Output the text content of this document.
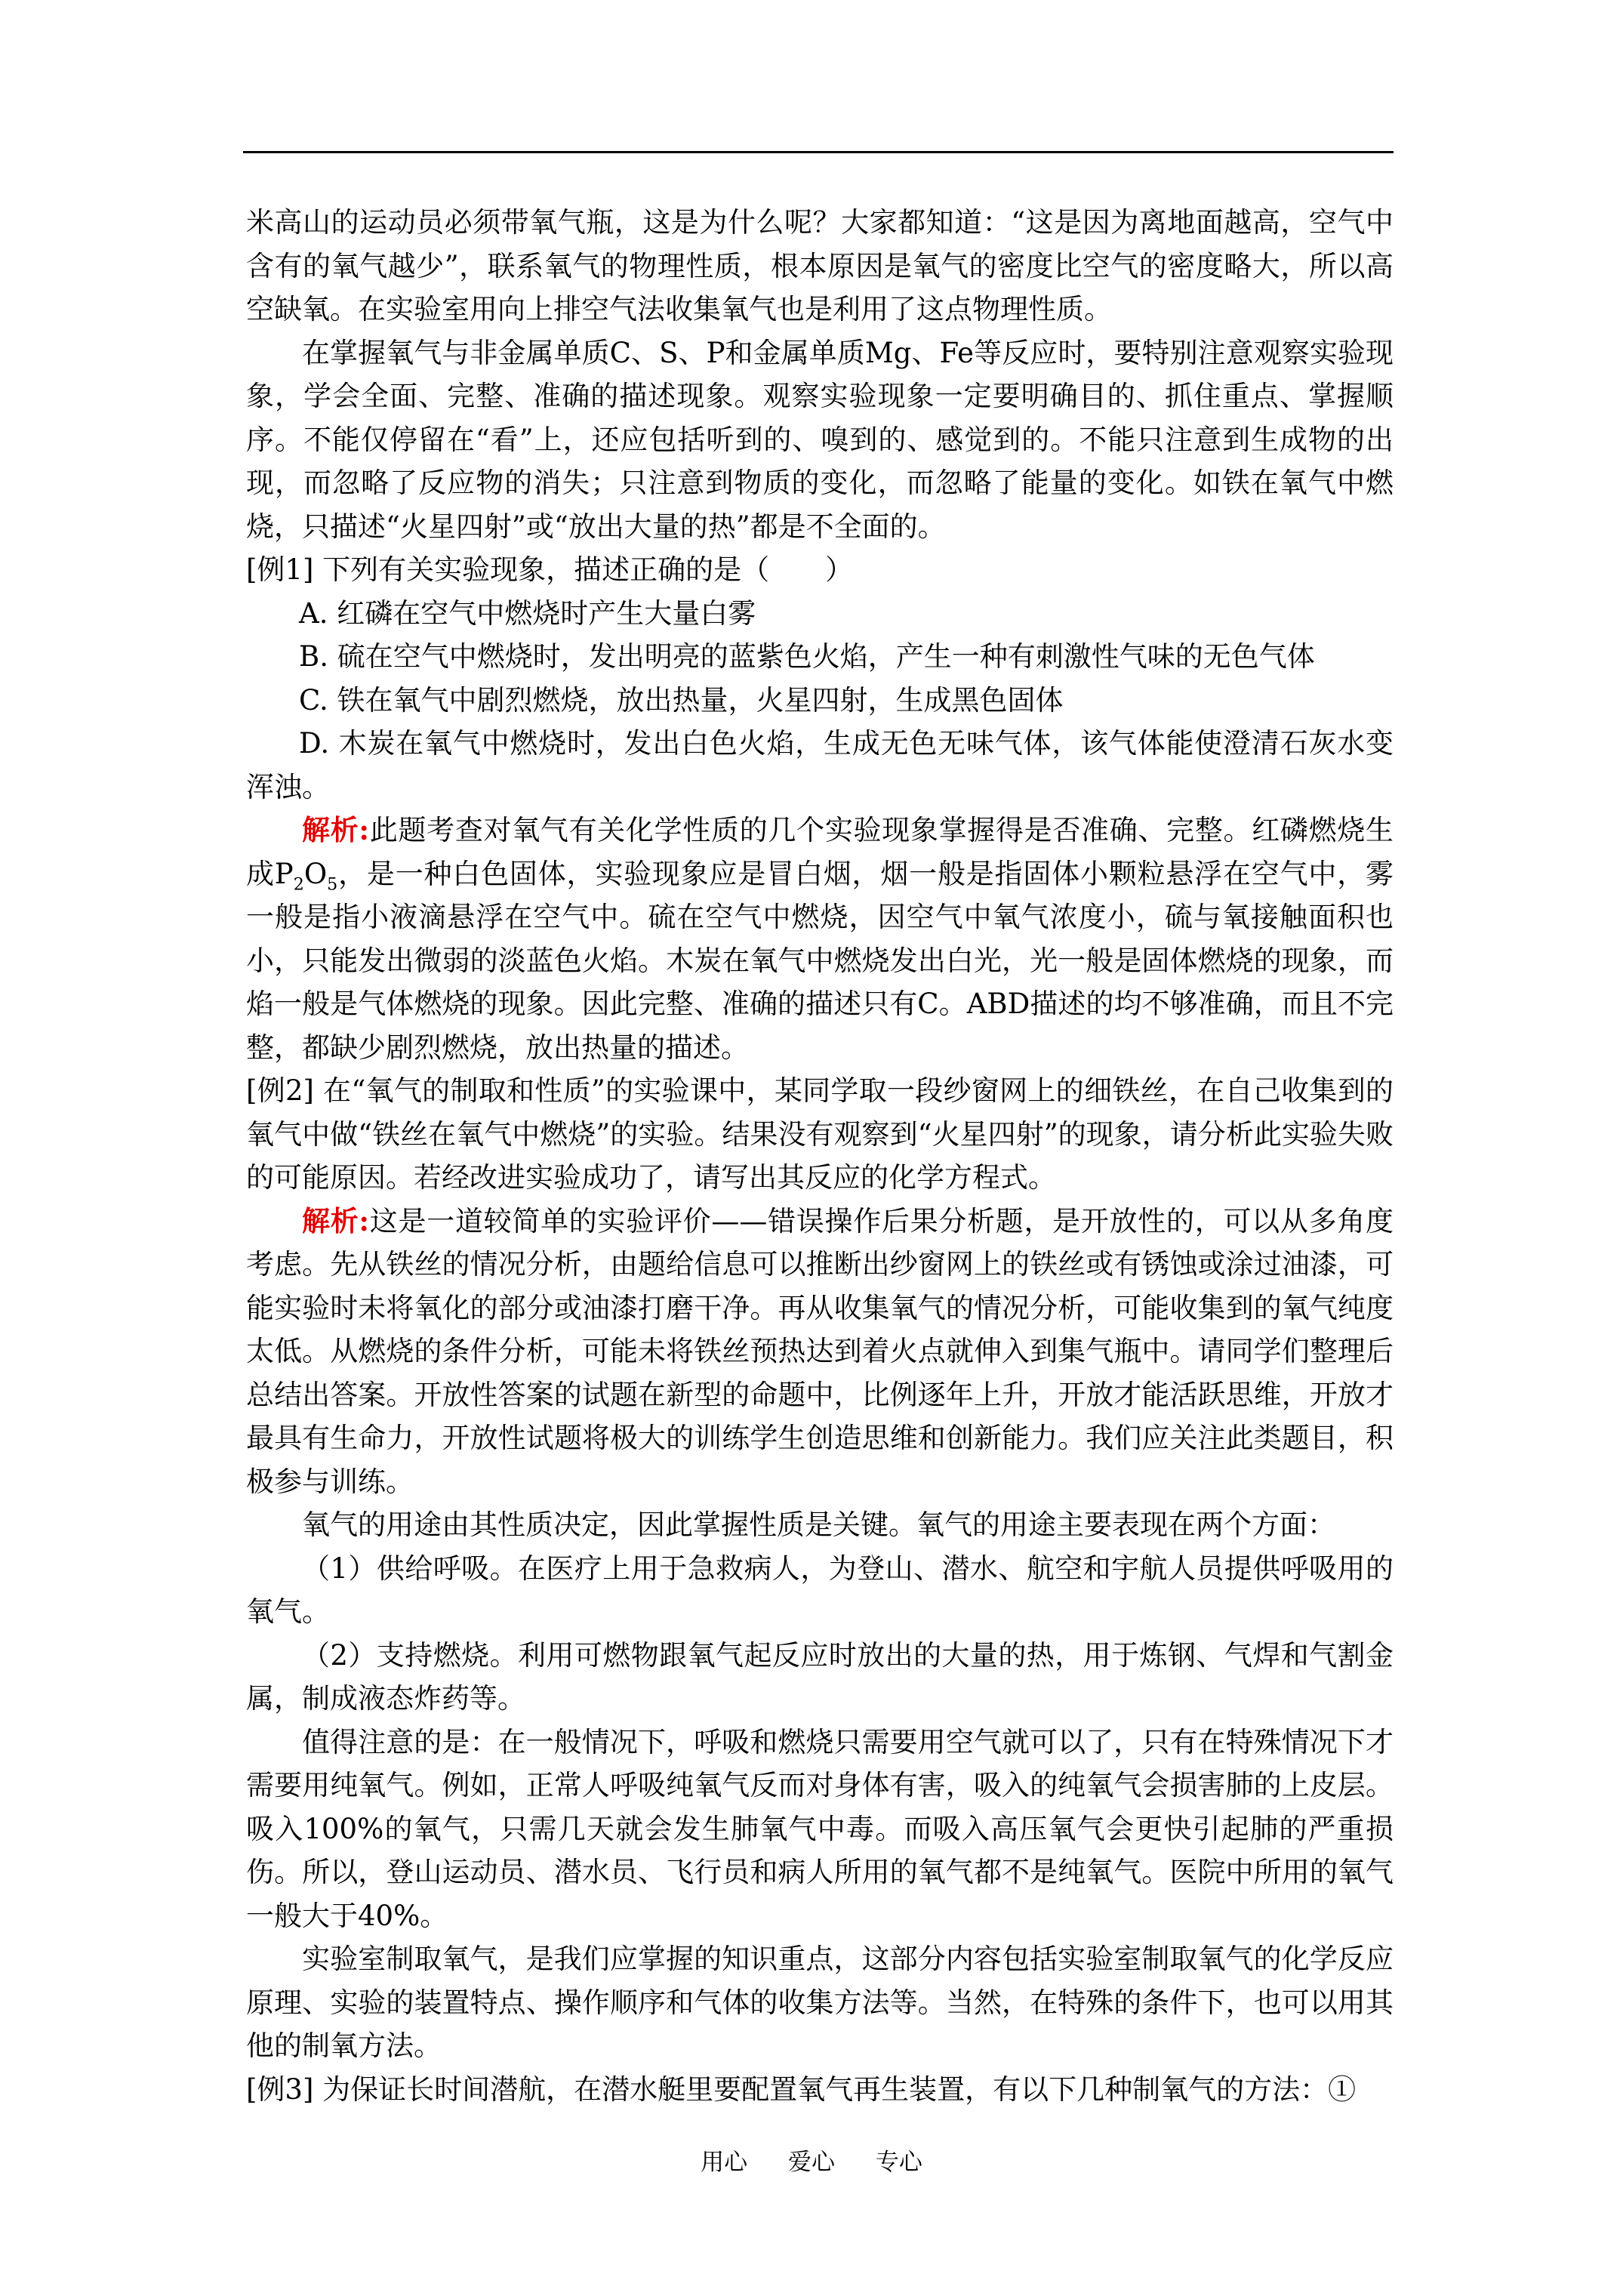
米高山的运动员必须带氧气瓶，这是为什么呢？大家都知道：“这是因为离地面越高，空气中含有的氧气越少”，联系氧气的物理性质，根本原因是氧气的密度比空气的密度略大，所以高空缺氧。在实验室用向上排空气法收集氧气也是利用了这点物理性质。

在掌握氧气与非金属单质C、S、P和金属单质Mg、Fe等反应时，要特别注意观察实验现象，学会全面、完整、准确的描述现象。观察实验现象一定要明确目的、抓住重点、掌握顺序。不能仅停留在“看”上，还应包括听到的、嗅到的、感觉到的。不能只注意到生成物的出现，而忽略了反应物的消失；只注意到物质的变化，而忽略了能量的变化。如铁在氧气中燃烧，只描述“火星四射”或“放出大量的热”都是不全面的。

[例1] 下列有关实验现象，描述正确的是（　　）

A. 红磷在空气中燃烧时产生大量白雾

B. 硫在空气中燃烧时，发出明亮的蓝紫色火焰，产生一种有刺激性气味的无色气体

C. 铁在氧气中剧烈燃烧，放出热量，火星四射，生成黑色固体

D. 木炭在氧气中燃烧时，发出白色火焰，生成无色无味气体，该气体能使澄清石灰水变浑浊。

解析:此题考查对氧气有关化学性质的几个实验现象掌握得是否准确、完整。红磷燃烧生成$P_2O_5$，是一种白色固体，实验现象应是冒白烟，烟一般是指固体小颗粒悬浮在空气中，雾一般是指小液滴悬浮在空气中。硫在空气中燃烧，因空气中氧气浓度小，硫与氧接触面积也小，只能发出微弱的淡蓝色火焰。木炭在氧气中燃烧发出白光，光一般是固体燃烧的现象，而焰一般是气体燃烧的现象。因此完整、准确的描述只有C。ABD描述的均不够准确，而且不完整，都缺少剧烈燃烧，放出热量的描述。

[例2] 在“氧气的制取和性质”的实验课中，某同学取一段纱窗网上的细铁丝，在自己收集到的氧气中做“铁丝在氧气中燃烧”的实验。结果没有观察到“火星四射”的现象，请分析此实验失败的可能原因。若经改进实验成功了，请写出其反应的化学方程式。

解析:这是一道较简单的实验评价——错误操作后果分析题，是开放性的，可以从多角度考虑。先从铁丝的情况分析，由题给信息可以推断出纱窗网上的铁丝或有锈蚀或涂过油漆，可能实验时未将氧化的部分或油漆打磨干净。再从收集氧气的情况分析，可能收集到的氧气纯度太低。从燃烧的条件分析，可能未将铁丝预热达到着火点就伸入到集气瓶中。请同学们整理后总结出答案。开放性答案的试题在新型的命题中，比例逐年上升，开放才能活跃思维，开放才最具有生命力，开放性试题将极大的训练学生创造思维和创新能力。我们应关注此类题目，积极参与训练。

氧气的用途由其性质决定，因此掌握性质是关键。氧气的用途主要表现在两个方面：

（1）供给呼吸。在医疗上用于急救病人，为登山、潜水、航空和宇航人员提供呼吸用的氧气。

（2）支持燃烧。利用可燃物跟氧气起反应时放出的大量的热，用于炼钢、气焊和气割金属，制成液态炸药等。

值得注意的是：在一般情况下，呼吸和燃烧只需要用空气就可以了，只有在特殊情况下才需要用纯氧气。例如，正常人呼吸纯氧气反而对身体有害，吸入的纯氧气会损害肺的上皮层。吸入100%的氧气，只需几天就会发生肺氧气中毒。而吸入高压氧气会更快引起肺的严重损伤。所以，登山运动员、潜水员、飞行员和病人所用的氧气都不是纯氧气。医院中所用的氧气一般大于40%。

实验室制取氧气，是我们应掌握的知识重点，这部分内容包括实验室制取氧气的化学反应原理、实验的装置特点、操作顺序和气体的收集方法等。当然，在特殊的条件下，也可以用其他的制氧方法。

[例3] 为保证长时间潜航，在潜水艇里要配置氧气再生装置，有以下几种制氧气的方法：①

用心 爱心 专心
